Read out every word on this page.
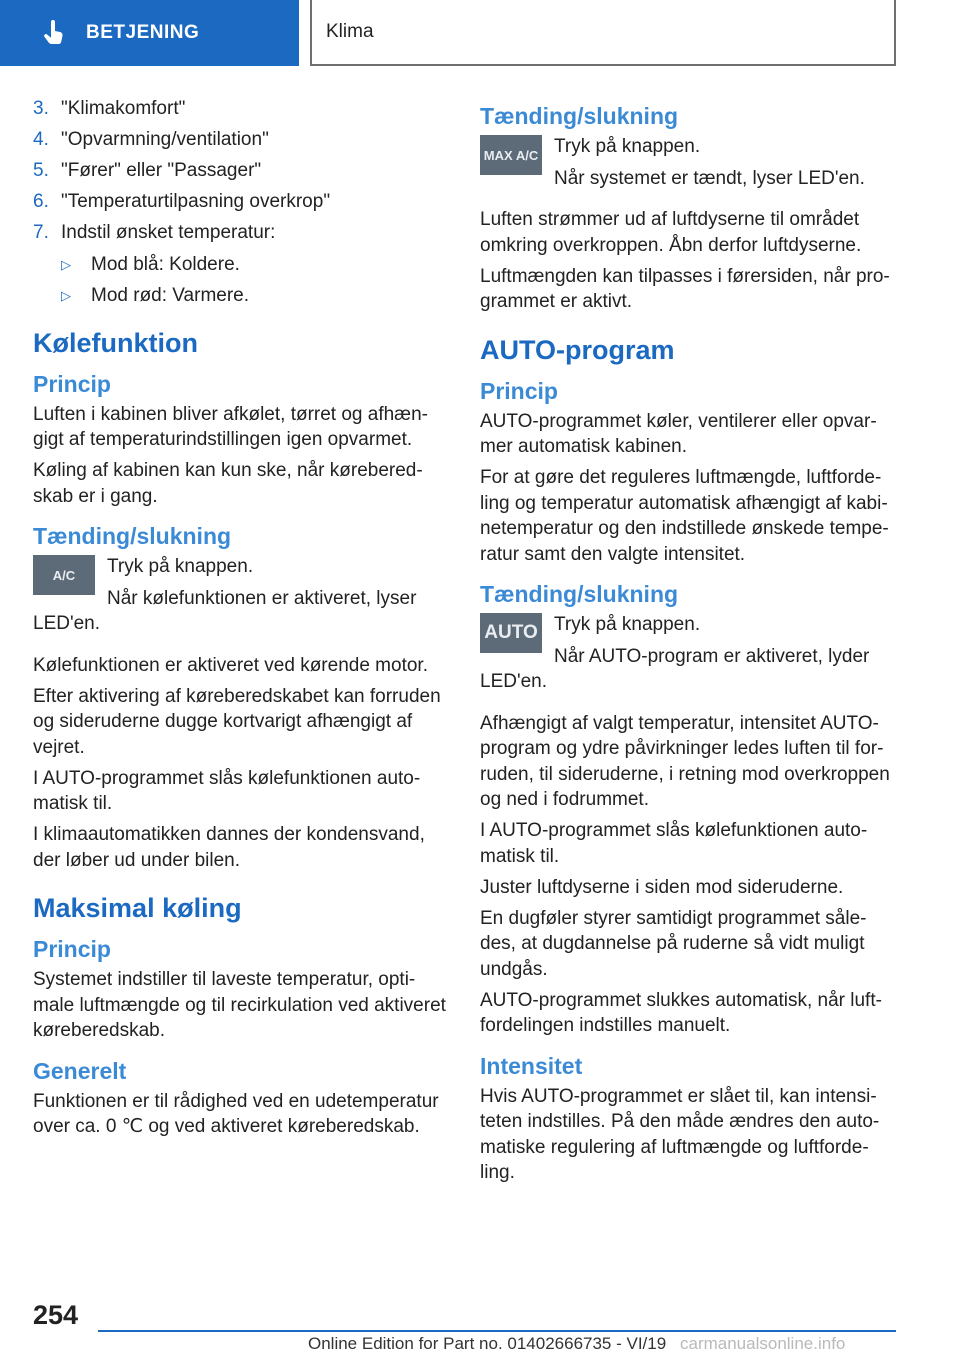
BETJENING	Klima
3. "Klimakomfort"
4. "Opvarmning/ventilation"
5. "Fører" eller "Passager"
6. "Temperaturtilpasning overkrop"
7. Indstil ønsket temperatur:
▷	Mod blå: Koldere.
▷	Mod rød: Varmere.
Kølefunktion
Princip

Luften i kabinen bliver afkølet, tørret og afhæn- gigt af temperaturindstillingen igen opvarmet.

Køling af kabinen kan kun ske, når kørebered- skab er i gang.

Tænding/slukning
A/C	Tryk på knappen.

Når kølefunktionen er aktiveret, lyser LED'en.

Kølefunktionen er aktiveret ved kørende motor.

Efter aktivering af køreberedskabet kan forruden og sideruderne dugge kortvarigt afhængigt af vejret.

I AUTO-programmet slås kølefunktionen auto- matisk til.

I klimaautomatikken dannes der kondensvand, der løber ud under bilen.

Maksimal køling
Princip

Systemet indstiller til laveste temperatur, opti- male luftmængde og til recirkulation ved aktiveret køreberedskab.

Generelt

Funktionen er til rådighed ved en udetemperatur over ca. 0 ℃ og ved aktiveret køreberedskab.

Tænding/slukning
MAX A/C Tryk på knappen.

Når systemet er tændt, lyser LED'en.

Luften strømmer ud af luftdyserne til området omkring overkroppen. Åbn derfor luftdyserne.

Luftmængden kan tilpasses i førersiden, når pro- grammet er aktivt.

AUTO-program
Princip

AUTO-programmet køler, ventilerer eller opvar- mer automatisk kabinen.

For at gøre det reguleres luftmængde, luftforde- ling og temperatur automatisk afhængigt af kabi- netemperatur og den indstillede ønskede tempe- ratur samt den valgte intensitet.

Tænding/slukning
AUTO Tryk på knappen.

Når AUTO-program er aktiveret, lyder LED'en.

Afhængigt af valgt temperatur, intensitet AUTO- program og ydre påvirkninger ledes luften til for- ruden, til sideruderne, i retning mod overkroppen og ned i fodrummet.

I AUTO-programmet slås kølefunktionen auto- matisk til.

Juster luftdyserne i siden mod sideruderne.

En dugføler styrer samtidigt programmet såle- des, at dugdannelse på ruderne så vidt muligt undgås.

AUTO-programmet slukkes automatisk, når luft- fordelingen indstilles manuelt.

Intensitet

Hvis AUTO-programmet er slået til, kan intensi- teten indstilles. På den måde ændres den auto- matiske regulering af luftmængde og luftforde- ling.

254
Online Edition for Part no. 01402666735 - VI/19 carmanualsonline.info
